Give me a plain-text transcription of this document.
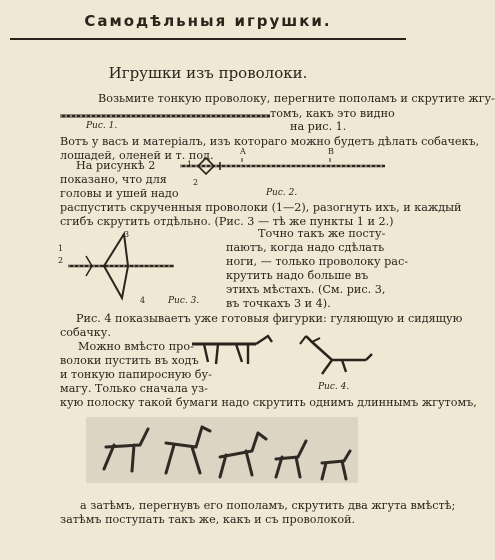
Самодѣльныя игрушки.
Игрушки изъ проволоки.
Возьмите тонкую проволоку, перегните пополамъ и скрутите жгу-
томъ, какъ это видно
на рис. 1.
Вотъ у васъ и матеріалъ, изъ котораго можно будетъ дѣлать собачекъ,
лошадей, оленей и т. под.
Рис. 1.
На рисункѣ 2
показано, что для
головы и ушей надо
распустить скрученныя проволоки (1—2), разогнуть ихъ, и каждый
сгибъ скрутить отдѣльно. (Рис. 3 — тѣ же пункты 1 и 2.)
1
2
A	B
Рис. 2.
1
2
3
4	Рис. 3.
Точно такъ же посту-
паютъ, когда надо сдѣлать
ноги, — только проволоку рас-
крутить надо больше въ
этихъ мѣстахъ. (См. рис. 3,
въ точкахъ 3 и 4).
Рис. 4 показываетъ уже готовыя фигурки: гуляющую и сидящую
собачку.
Рис. 4.
Можно вмѣсто про-
волоки пустить въ ходъ
и тонкую папиросную бу-
магу. Только сначала уз-
кую полоску такой бумаги надо скрутить однимъ длиннымъ жгутомъ,
а затѣмъ, перегнувъ его пополамъ, скрутить два жгута вмѣстѣ;
затѣмъ поступать такъ же, какъ и съ проволокой.
